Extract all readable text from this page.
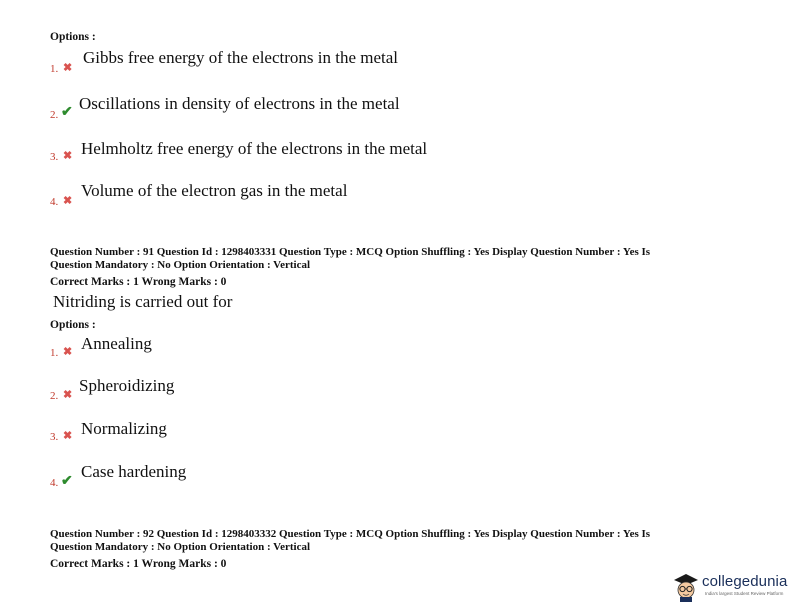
Options :
1. ✖
Gibbs free energy of the electrons in the metal
2. ✔ Oscillations in density of electrons in the metal
3. ✖ Helmholtz free energy of the electrons in the metal
4. ✖
Volume of the electron gas in the metal
Question Number : 91 Question Id : 1298403331 Question Type : MCQ Option Shuffling : Yes Display Question Number : Yes Is
Question Mandatory : No Option Orientation : Vertical
Correct Marks : 1 Wrong Marks : 0
Nitriding is carried out for
Options :
1. ✖ Annealing
2. ✖ Spheroidizing
3. ✖ Normalizing
4. ✔
Case hardening
Question Number : 92 Question Id : 1298403332 Question Type : MCQ Option Shuffling : Yes Display Question Number : Yes Is
Question Mandatory : No Option Orientation : Vertical
Correct Marks : 1 Wrong Marks : 0
collegedunia
India's largest Student Review Platform
